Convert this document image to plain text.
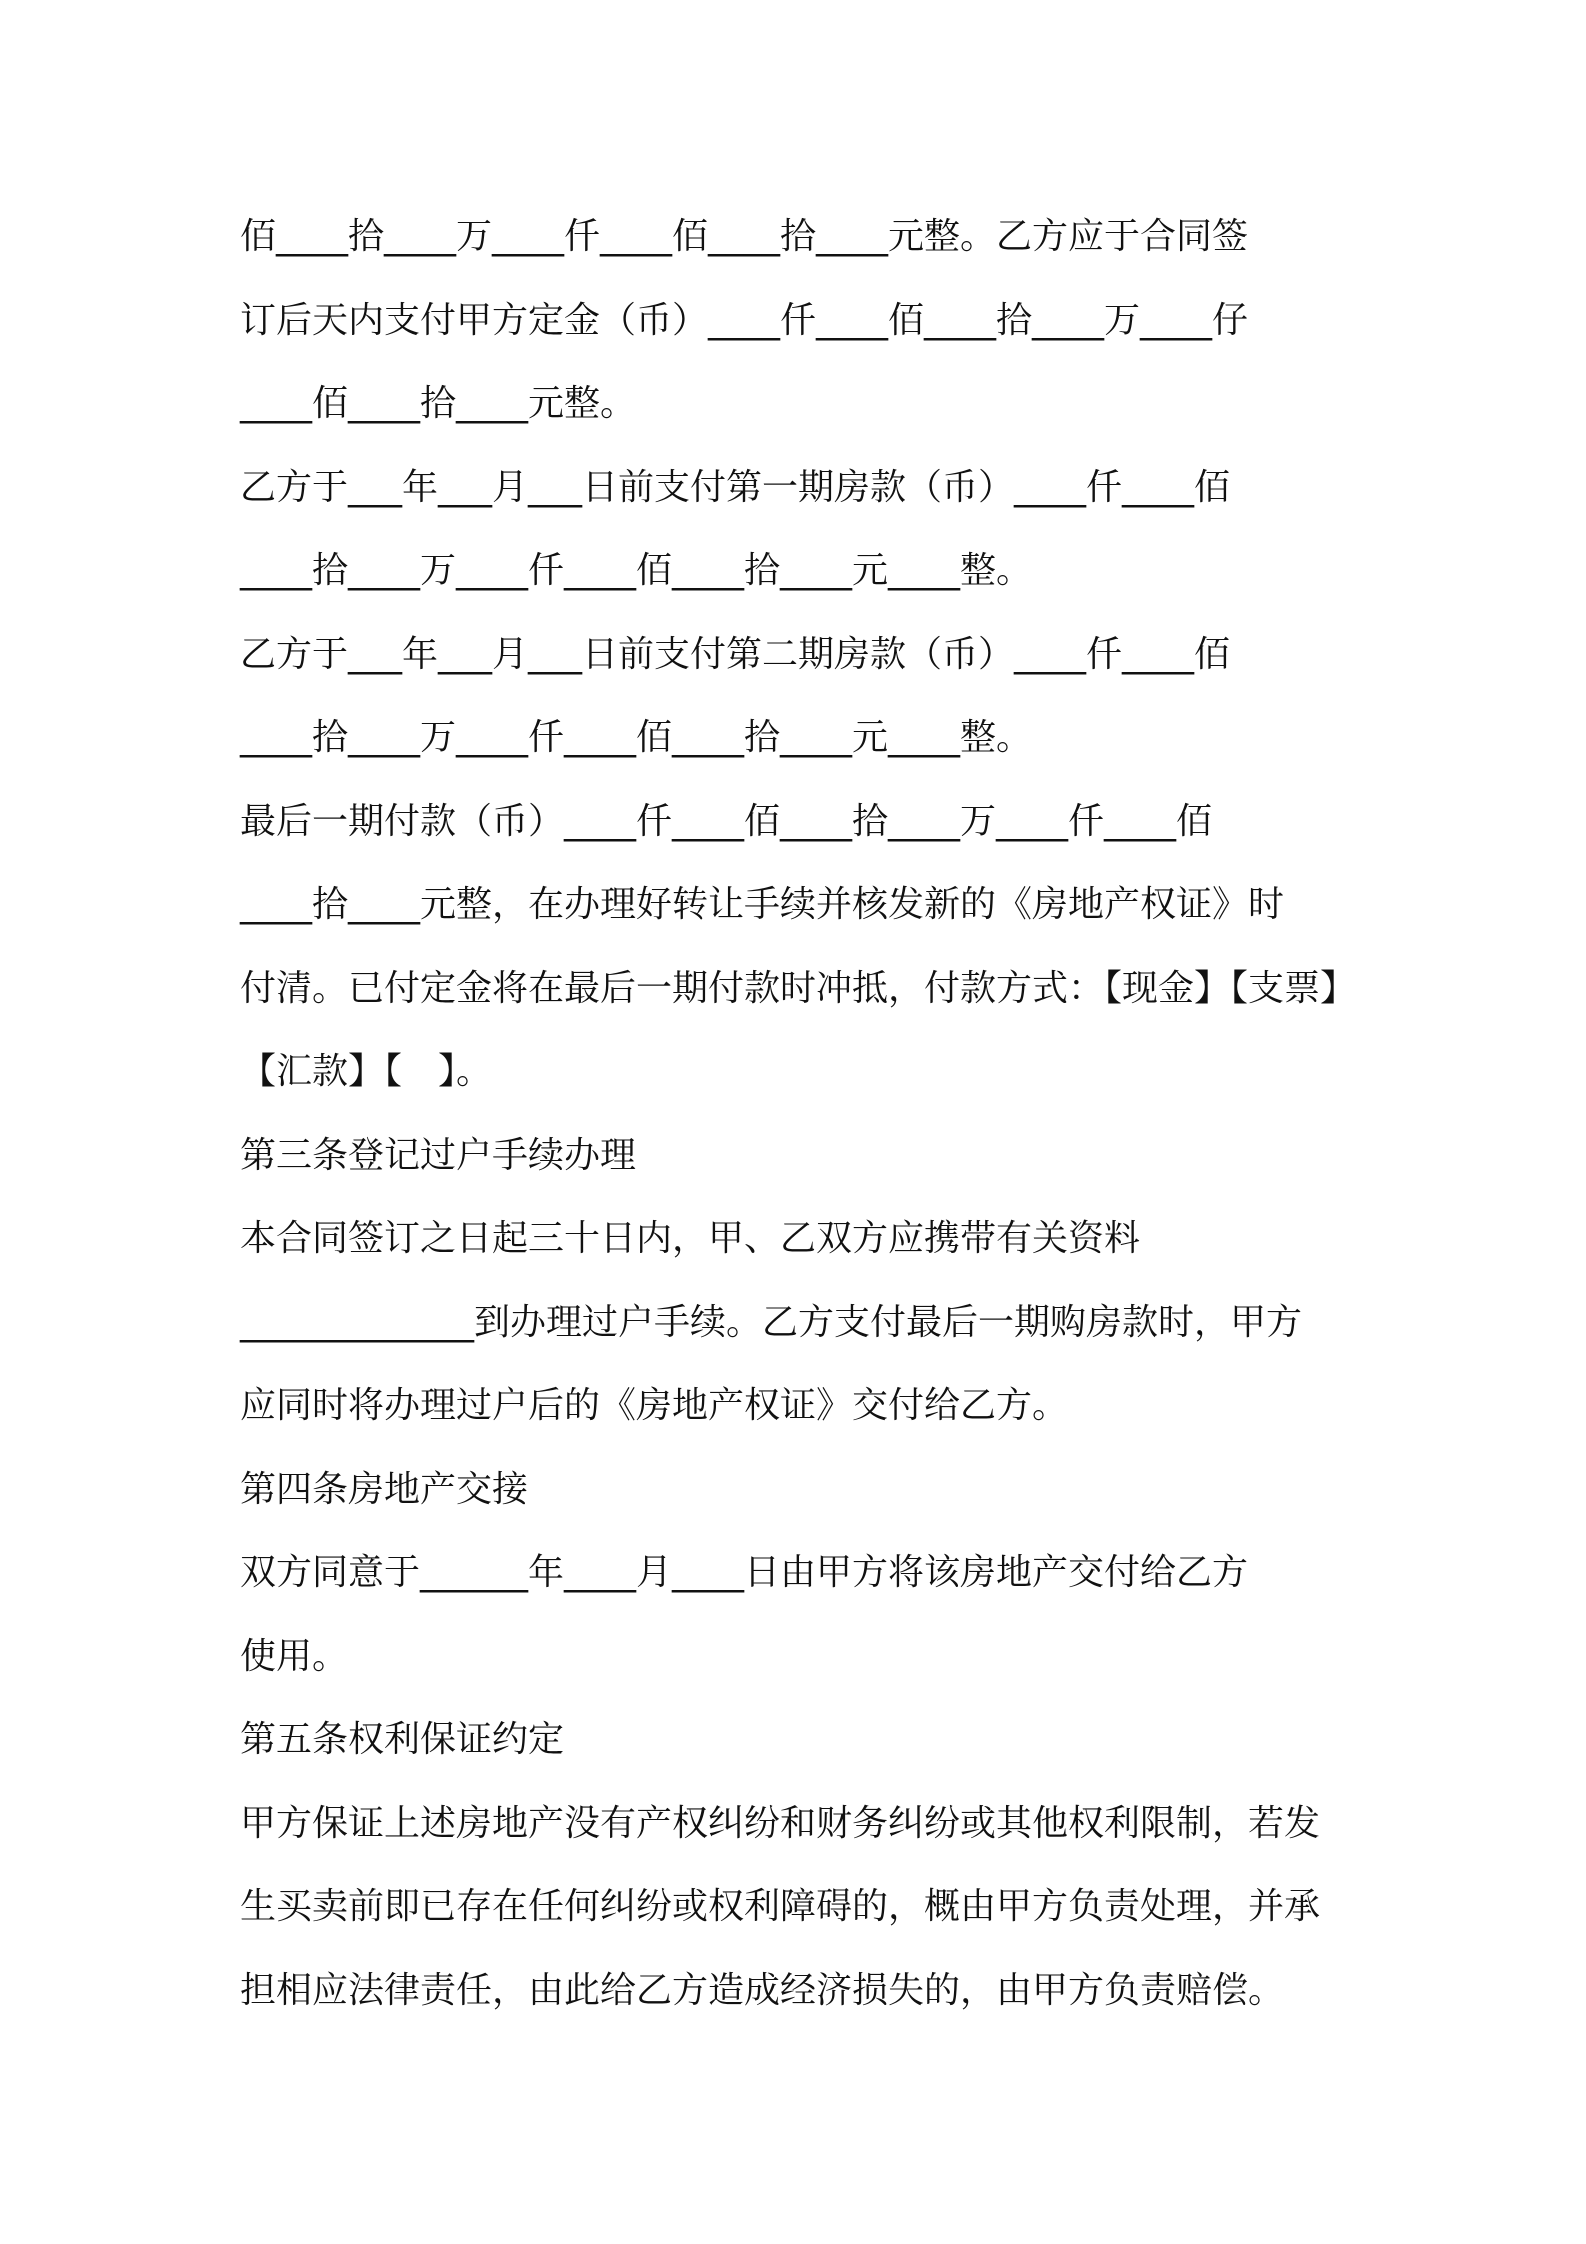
佰____拾____万____仟____佰____拾____元整。乙方应于合同签
订后天内支付甲方定金（币）____仟____佰____拾____万____仔
____佰____拾____元整。
乙方于___年___月___日前支付第一期房款（币）____仟____佰
____拾____万____仟____佰____拾____元____整。
乙方于___年___月___日前支付第二期房款（币）____仟____佰
____拾____万____仟____佰____拾____元____整。
最后一期付款（币）____仟____佰____拾____万____仟____佰
____拾____元整，在办理好转让手续并核发新的《房地产权证》时
付清。已付定金将在最后一期付款时冲抵，付款方式：【现金】【支票】
【汇款】【　】。
第三条登记过户手续办理
本合同签订之日起三十日内，甲、乙双方应携带有关资料
_____________到办理过户手续。乙方支付最后一期购房款时，甲方
应同时将办理过户后的《房地产权证》交付给乙方。
第四条房地产交接
双方同意于______年____月____日由甲方将该房地产交付给乙方
使用。
第五条权利保证约定
甲方保证上述房地产没有产权纠纷和财务纠纷或其他权利限制，若发
生买卖前即已存在任何纠纷或权利障碍的，概由甲方负责处理，并承
担相应法律责任，由此给乙方造成经济损失的，由甲方负责赔偿。
